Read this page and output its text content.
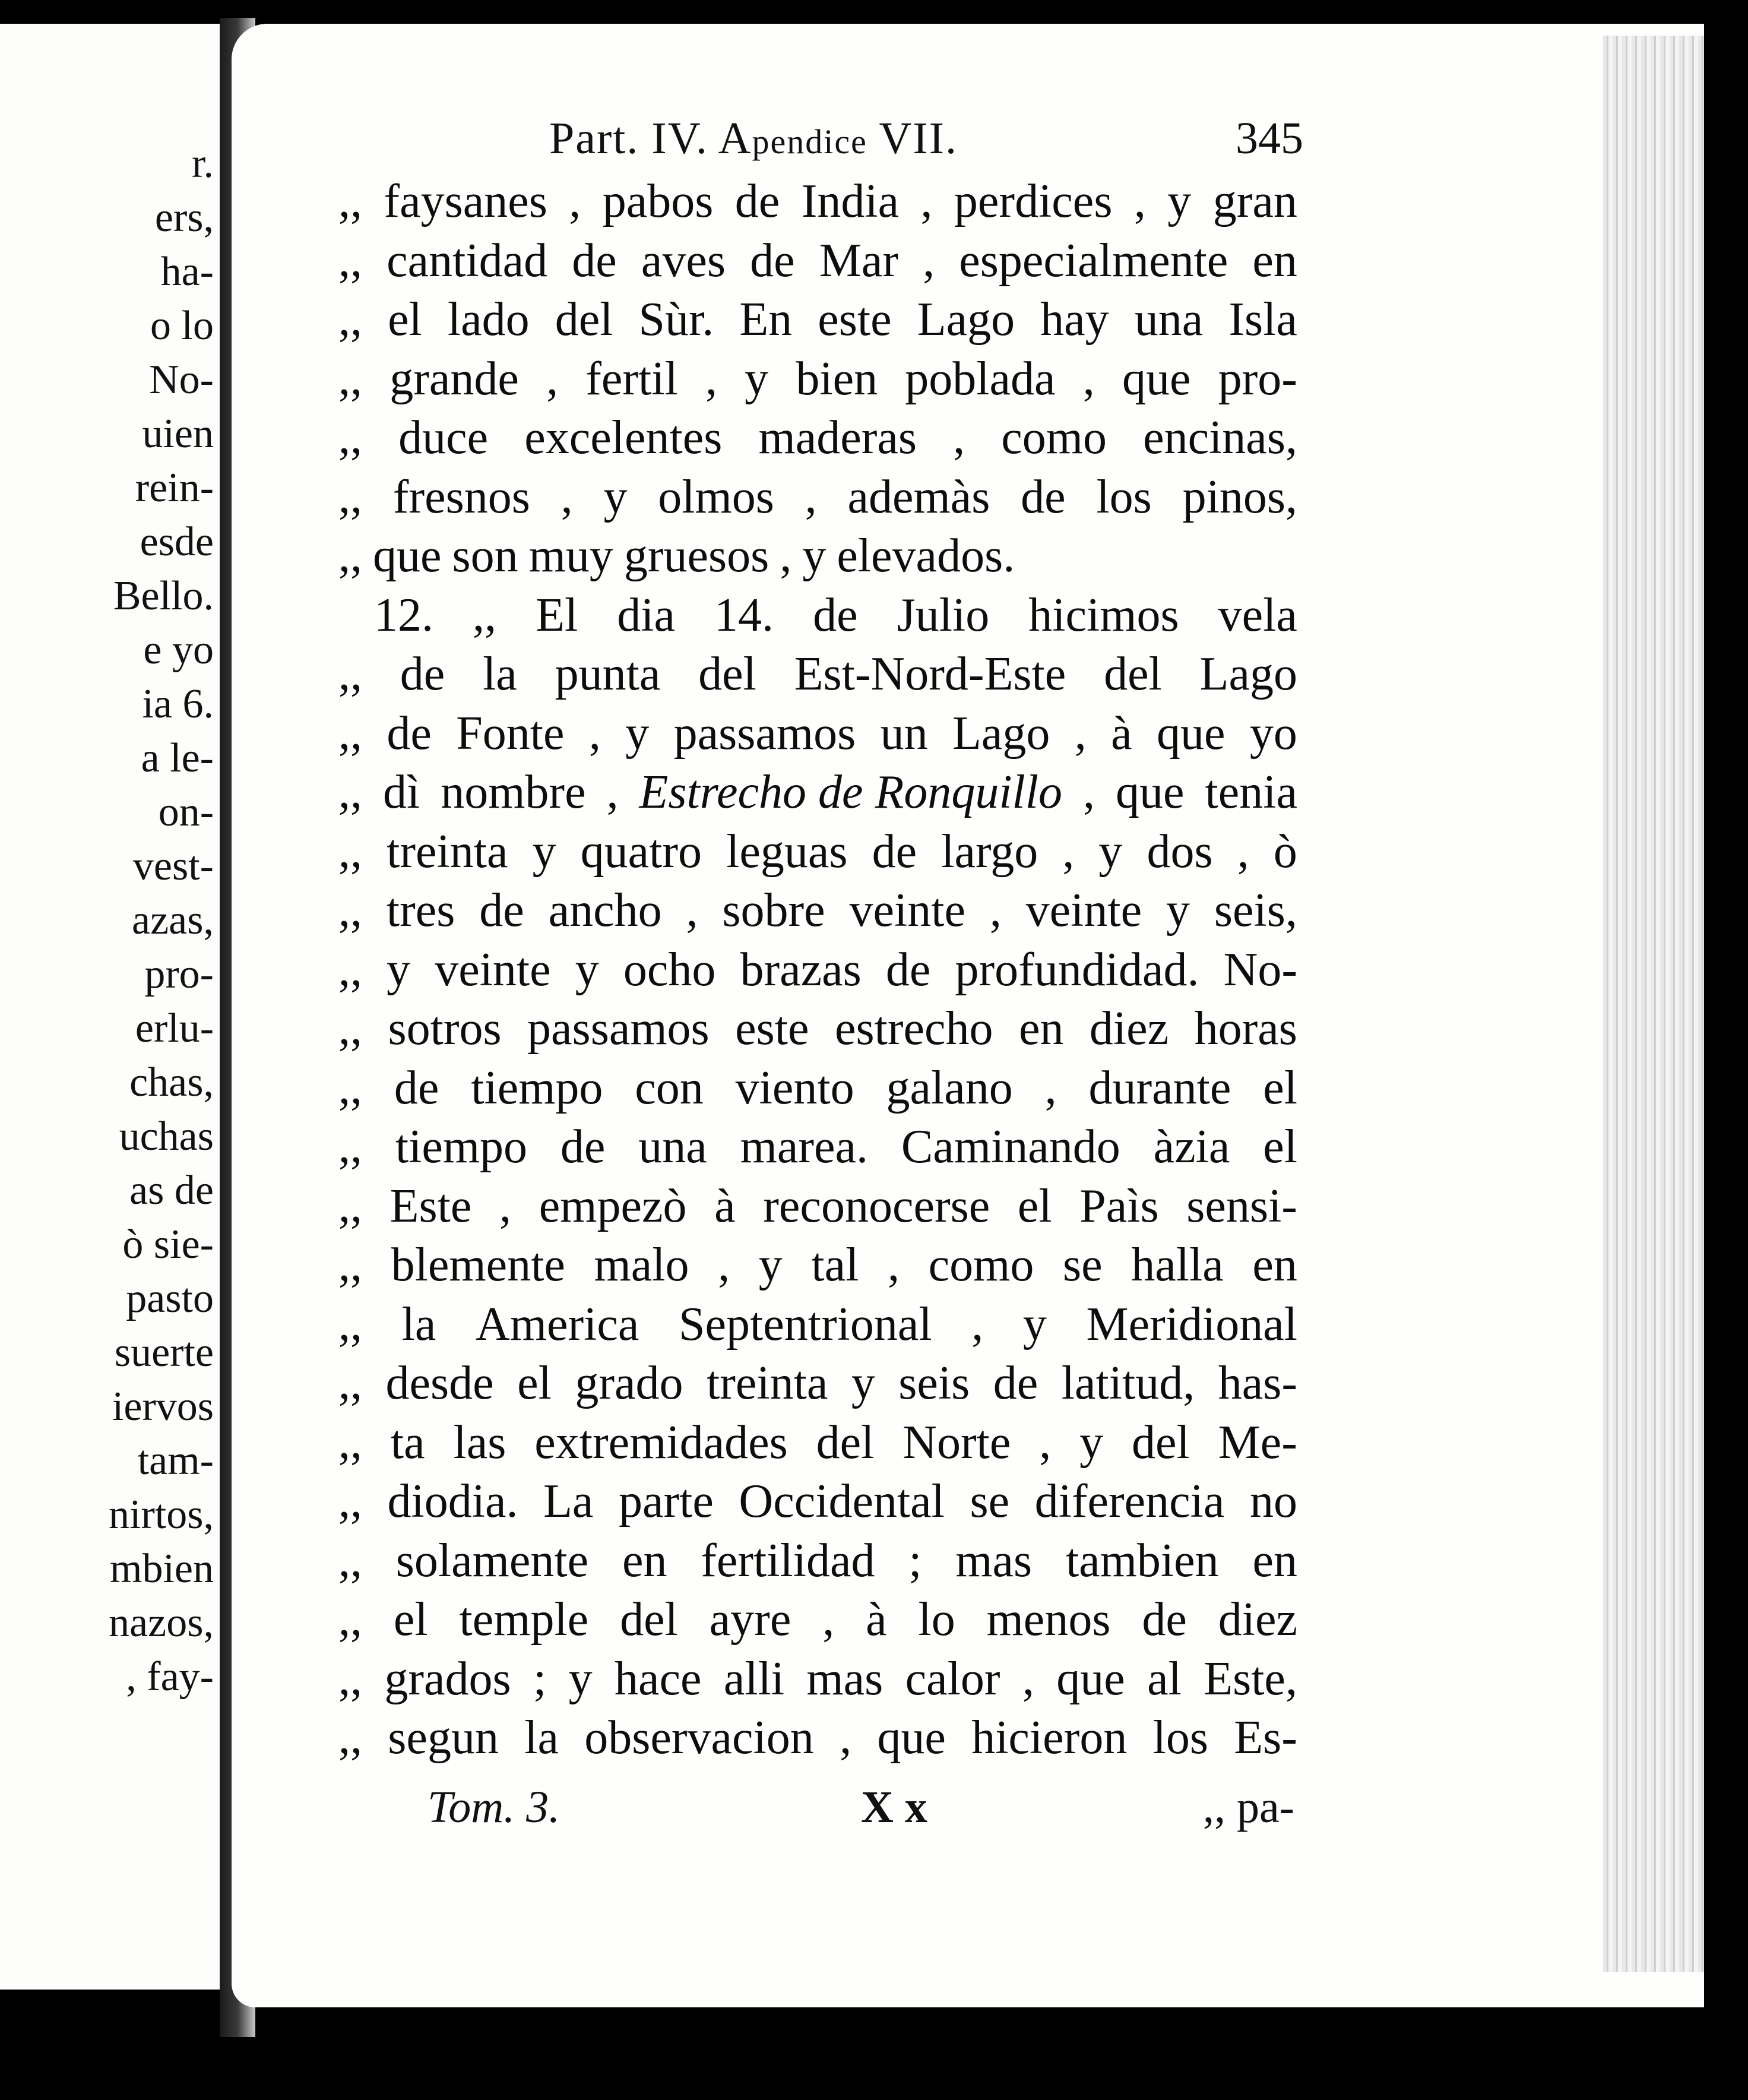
r.
ers,
ha-
o lo
No-
uien
rein-
esde
Bello.
e yo
ia 6.
a le-
on-
vest-
azas,
pro-
erlu-
chas,
uchas
as de
ò sie-
pasto
suerte
iervos
tam-
nirtos,
mbien
nazos,
, fay-
Part. IV. Apendice VII.	345
,, faysanes , pabos de India , perdices , y gran
,, cantidad de aves de Mar , especialmente en
,, el lado del Sùr. En este Lago hay una Isla
,, grande , fertil , y bien poblada , que pro-
,, duce excelentes maderas , como encinas,
,, fresnos , y olmos , ademàs de los pinos,
,, que son muy gruesos , y elevados.
12. ,, El dia 14. de Julio hicimos vela
,, de la punta del Est-Nord-Este del Lago
,, de Fonte , y passamos un Lago , à que yo
,, dì nombre , Estrecho de Ronquillo , que tenia
,, treinta y quatro leguas de largo , y dos , ò
,, tres de ancho , sobre veinte , veinte y seis,
,, y veinte y ocho brazas de profundidad. No-
,, sotros passamos este estrecho en diez horas
,, de tiempo con viento galano , durante el
,, tiempo de una marea. Caminando àzia el
,, Este , empezò à reconocerse el Paìs sensi-
,, blemente malo , y tal , como se halla en
,, la America Septentrional , y Meridional
,, desde el grado treinta y seis de latitud, has-
,, ta las extremidades del Norte , y del Me-
,, diodia. La parte Occidental se diferencia no
,, solamente en fertilidad ; mas tambien en
,, el temple del ayre , à lo menos de diez
,, grados ; y hace alli mas calor , que al Este,
,, segun la observacion , que hicieron los Es-
Tom. 3.	X x	,, pa-
